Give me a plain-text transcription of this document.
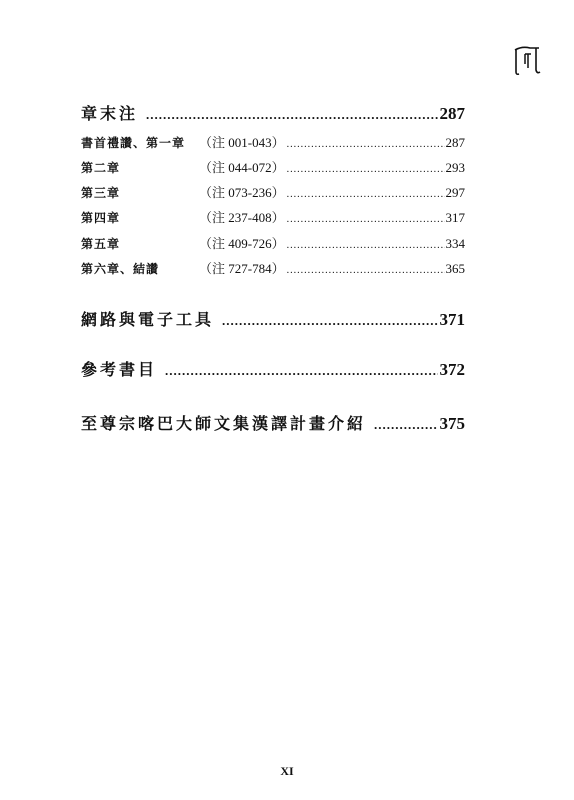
章末注 .....	287
書首禮讚、第一章	（注 001-043） .....	287
第二章	（注 044-072） .....	293
第三章	（注 073-236） .....	297
第四章	（注 237-408） .....	317
第五章	（注 409-726） .....	334
第六章、結讚	（注 727-784） .....	365
網路與電子工具 .....	371
參考書目 .....	372
至尊宗喀巴大師文集漢譯計畫介紹 .....	375
XI
